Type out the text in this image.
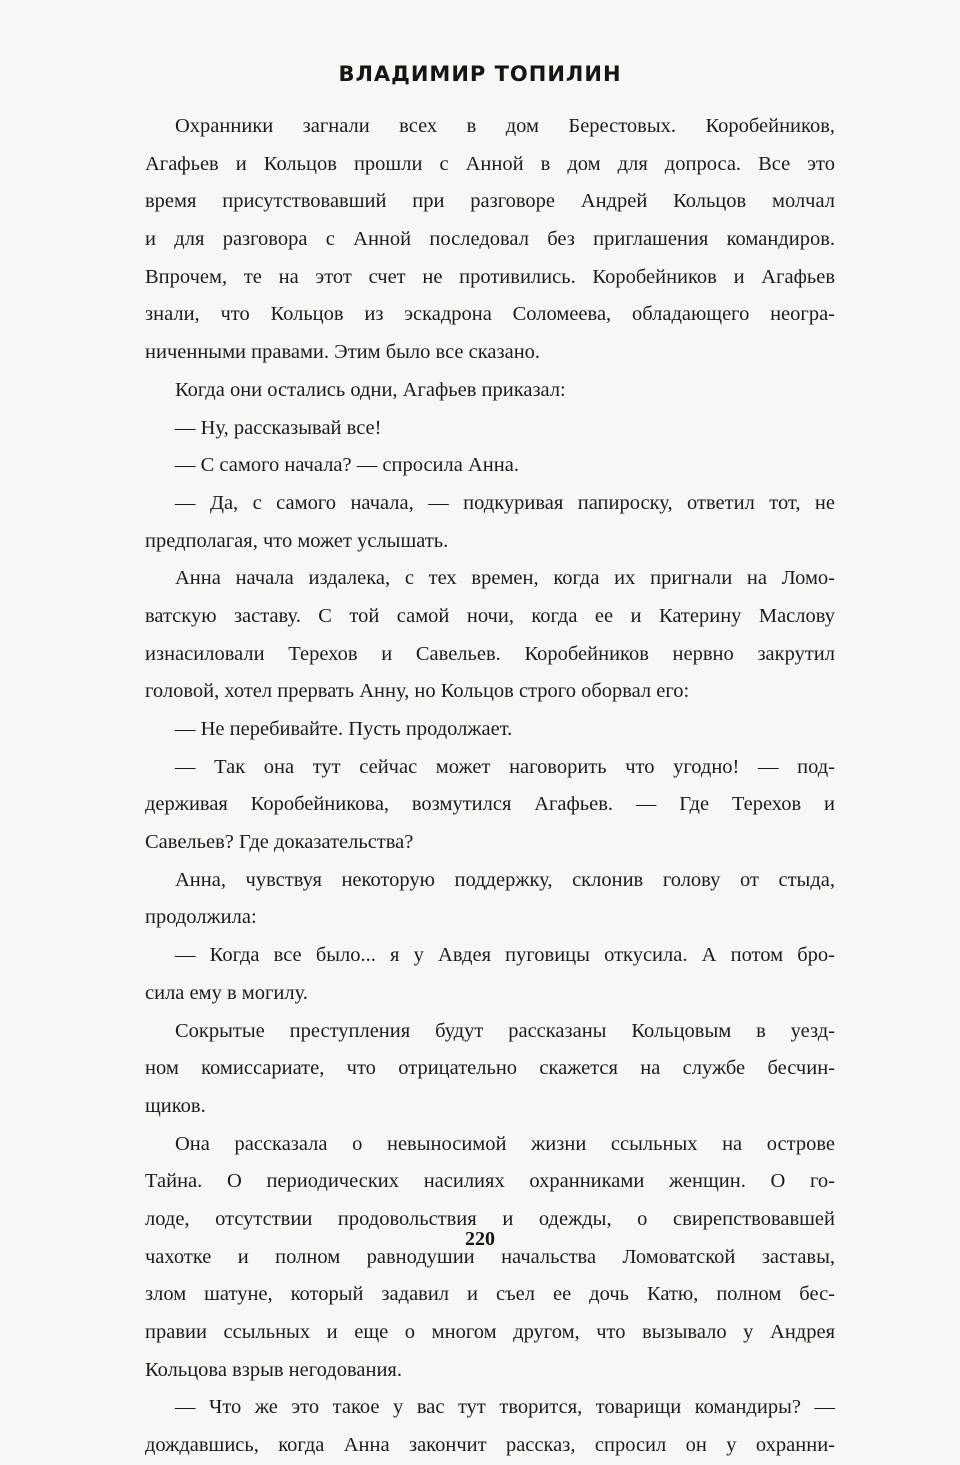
ВЛАДИМИР ТОПИЛИН
Охранники загнали всех в дом Берестовых. Коробейников,
Агафьев и Кольцов прошли с Анной в дом для допроса. Все это
время присутствовавший при разговоре Андрей Кольцов молчал
и для разговора с Анной последовал без приглашения командиров.
Впрочем, те на этот счет не противились. Коробейников и Агафьев
знали, что Кольцов из эскадрона Соломеева, обладающего неогра-
ниченными правами. Этим было все сказано.
Когда они остались одни, Агафьев приказал:
— Ну, рассказывай все!
— С самого начала? — спросила Анна.
— Да, с самого начала, — подкуривая папироску, ответил тот, не
предполагая, что может услышать.
Анна начала издалека, с тех времен, когда их пригнали на Ломо-
ватскую заставу. С той самой ночи, когда ее и Катерину Маслову
изнасиловали Терехов и Савельев. Коробейников нервно закрутил
головой, хотел прервать Анну, но Кольцов строго оборвал его:
— Не перебивайте. Пусть продолжает.
— Так она тут сейчас может наговорить что угодно! — под-
держивая Коробейникова, возмутился Агафьев. — Где Терехов и
Савельев? Где доказательства?
Анна, чувствуя некоторую поддержку, склонив голову от стыда,
продолжила:
— Когда все было... я у Авдея пуговицы откусила. А потом бро-
сила ему в могилу.
Сокрытые преступления будут рассказаны Кольцовым в уезд-
ном комиссариате, что отрицательно скажется на службе бесчин-
щиков.
Она рассказала о невыносимой жизни ссыльных на острове
Тайна. О периодических насилиях охранниками женщин. О го-
лоде, отсутствии продовольствия и одежды, о свирепствовавшей
чахотке и полном равнодушии начальства Ломоватской заставы,
злом шатуне, который задавил и съел ее дочь Катю, полном бес-
правии ссыльных и еще о многом другом, что вызывало у Андрея
Кольцова взрыв негодования.
— Что же это такое у вас тут творится, товарищи командиры? —
дождавшись, когда Анна закончит рассказ, спросил он у охранни-
220
